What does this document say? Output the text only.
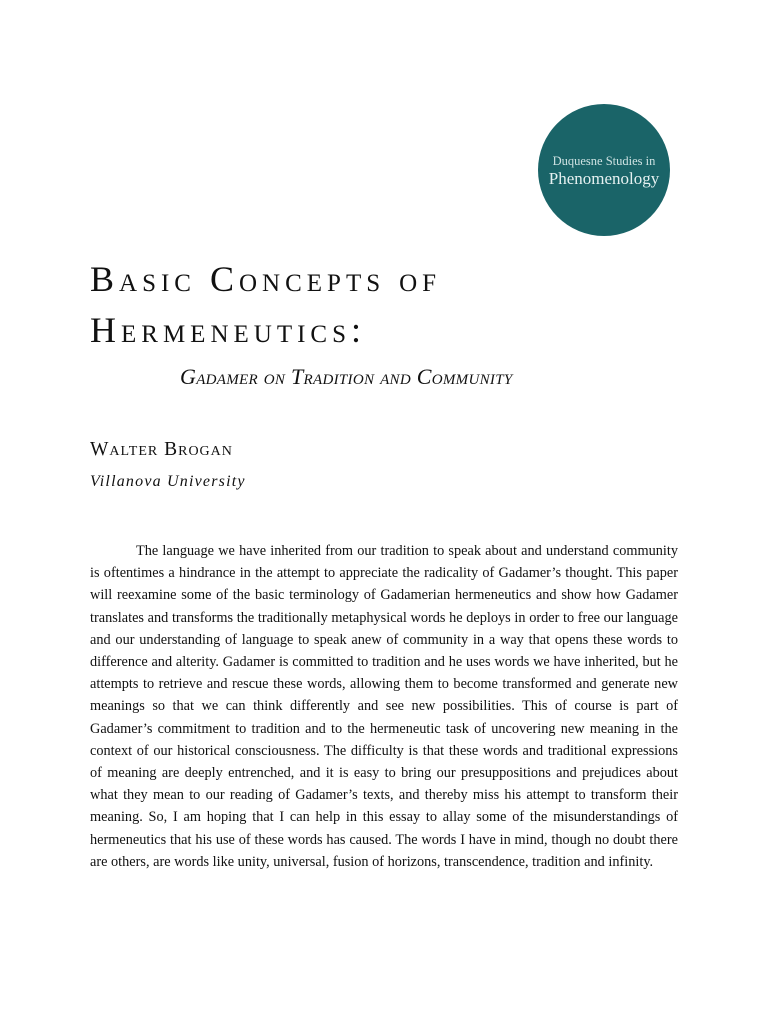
Duquesne Studies in
Phenomenology
Basic Concepts of
Hermeneutics:
Gadamer on Tradition and Community
Walter Brogan
Villanova University

The language we have inherited from our tradition to speak about and understand community is oftentimes a hindrance in the attempt to appreciate the radicality of Gadamer’s thought. This paper will reexamine some of the basic terminology of Gadamerian hermeneutics and show how Gadamer translates and transforms the traditionally metaphysical words he deploys in order to free our language and our understanding of language to speak anew of community in a way that opens these words to difference and alterity. Gadamer is committed to tradition and he uses words we have inherited, but he attempts to retrieve and rescue these words, allowing them to become transformed and generate new meanings so that we can think differently and see new possibilities. This of course is part of Gadamer’s commitment to tradition and to the hermeneutic task of uncovering new meaning in the context of our historical consciousness. The difficulty is that these words and traditional expressions of meaning are deeply entrenched, and it is easy to bring our presuppositions and prejudices about what they mean to our reading of Gadamer’s texts, and thereby miss his attempt to transform their meaning. So, I am hoping that I can help in this essay to allay some of the misunderstandings of hermeneutics that his use of these words has caused. The words I have in mind, though no doubt there are others, are words like unity, universal, fusion of horizons, transcendence, tradition and infinity.
